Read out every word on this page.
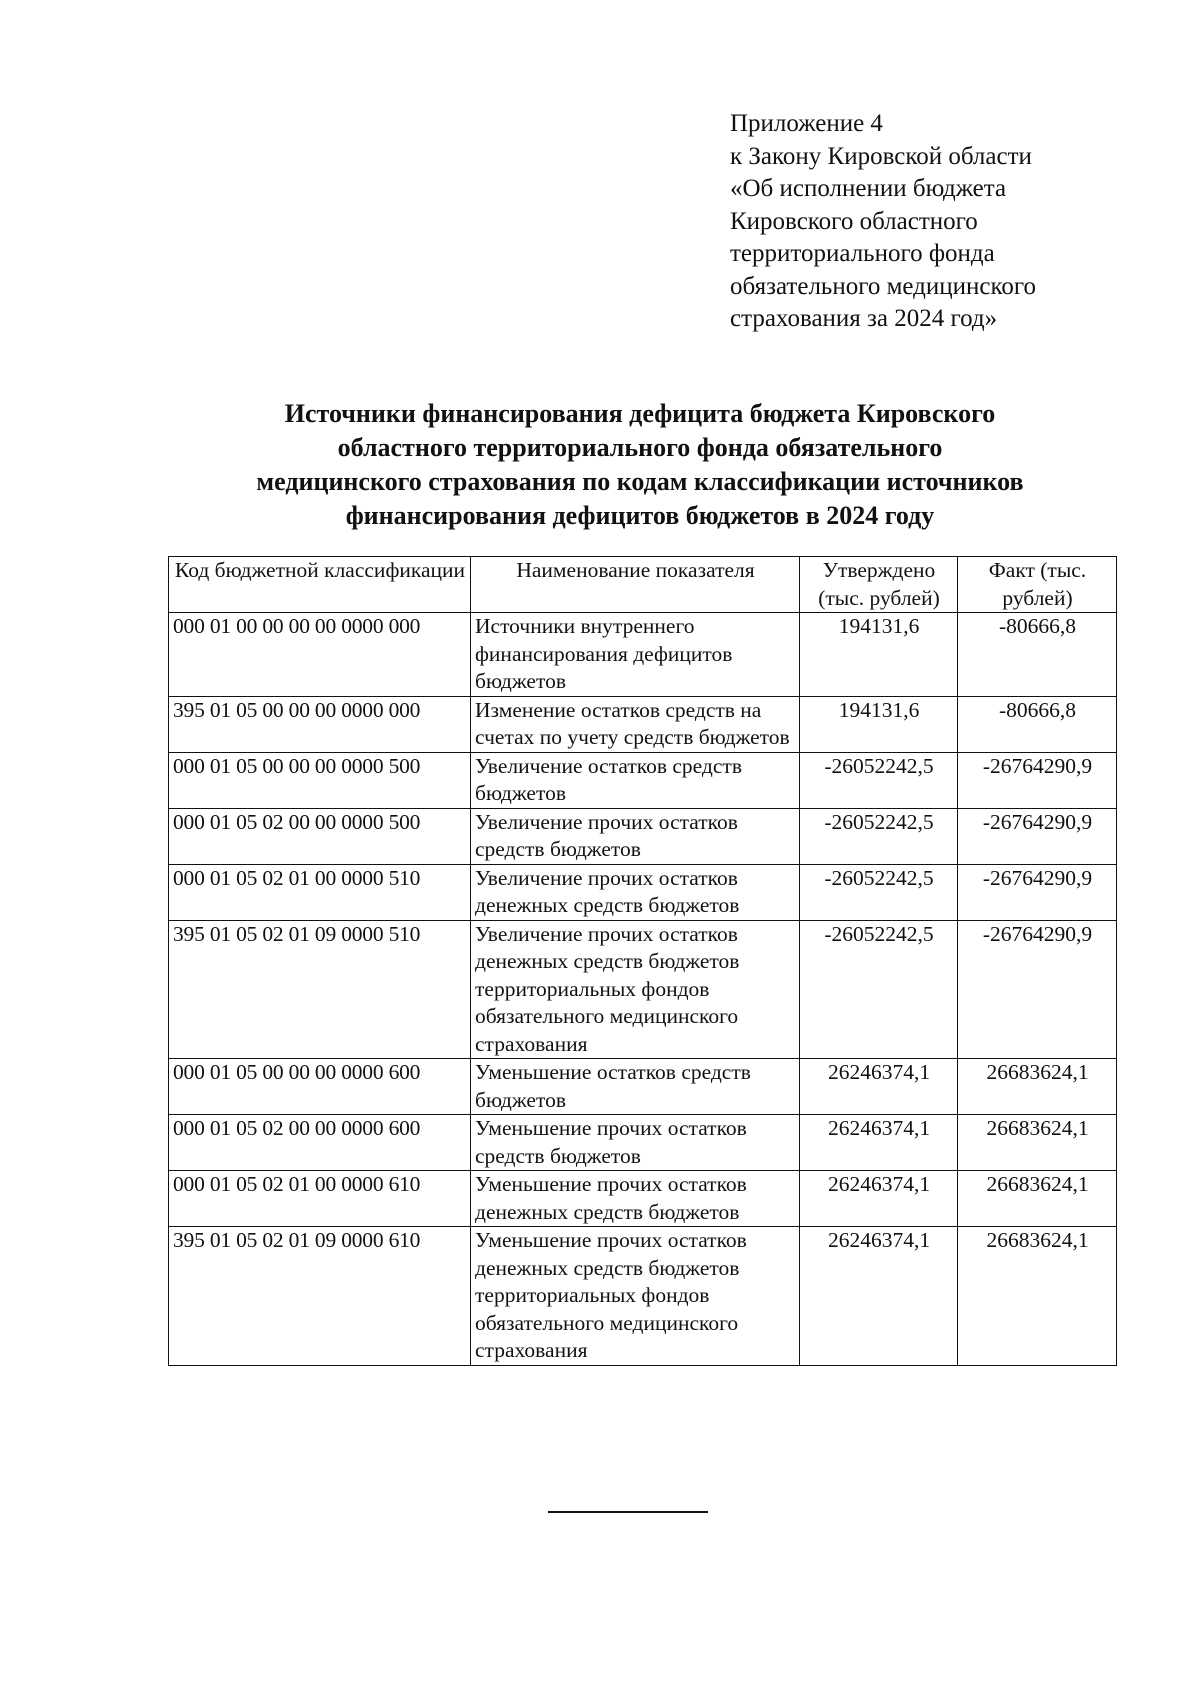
Приложение 4
к Закону Кировской области
«Об исполнении бюджета
Кировского областного
территориального фонда
обязательного медицинского
страхования за 2024 год»
Источники финансирования дефицита бюджета Кировского
областного территориального фонда обязательного
медицинского страхования по кодам классификации источников
финансирования дефицитов бюджетов в 2024 году
Код бюджетной классификации	Наименование показателя	Утверждено (тыс. рублей)	Факт (тыс. рублей)
000 01 00 00 00 00 0000 000	Источники внутреннего финансирования дефицитов бюджетов	194131,6	-80666,8
395 01 05 00 00 00 0000 000	Изменение остатков средств на счетах по учету средств бюджетов	194131,6	-80666,8
000 01 05 00 00 00 0000 500	Увеличение остатков средств бюджетов	-26052242,5	-26764290,9
000 01 05 02 00 00 0000 500	Увеличение прочих остатков средств бюджетов	-26052242,5	-26764290,9
000 01 05 02 01 00 0000 510	Увеличение прочих остатков денежных средств бюджетов	-26052242,5	-26764290,9
395 01 05 02 01 09 0000 510	Увеличение прочих остатков денежных средств бюджетов территориальных фондов обязательного медицинского страхования	-26052242,5	-26764290,9
000 01 05 00 00 00 0000 600	Уменьшение остатков средств бюджетов	26246374,1	26683624,1
000 01 05 02 00 00 0000 600	Уменьшение прочих остатков средств бюджетов	26246374,1	26683624,1
000 01 05 02 01 00 0000 610	Уменьшение прочих остатков денежных средств бюджетов	26246374,1	26683624,1
395 01 05 02 01 09 0000 610	Уменьшение прочих остатков денежных средств бюджетов территориальных фондов обязательного медицинского страхования	26246374,1	26683624,1
